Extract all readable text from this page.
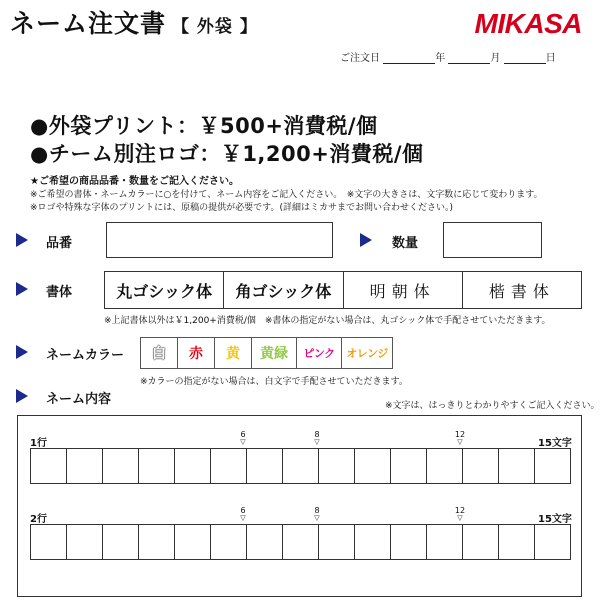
ネーム注文書 【 外袋 】	MIKASA
ご注文日	年	月	日
●外袋プリント：￥500+消費税/個
●チーム別注ロゴ：￥1,200+消費税/個
★ご希望の商品品番・数量をご記入ください。
※ご希望の書体・ネームカラーに○を付けて、ネーム内容をご記入ください。　※文字の大きさは、文字数に応じて変わります。
※ロゴや特殊な字体のプリントには、原稿の提供が必要です。(詳細はミカサまでお問い合わせください。)
品番	数量
書体	丸ゴシック体	角ゴシック体	明朝体	楷書体
※上記書体以外は￥1,200+消費税/個　※書体の指定がない場合は、丸ゴシック体で手配させていただきます。
ネームカラー	白	赤	黄	黄緑	ピンク	オレンジ
※カラーの指定がない場合は、白文字で手配させていただきます。
ネーム内容	※文字は、はっきりとわかりやすくご記入ください。
1行	15文字
6
▽
8
▽
12
▽
2行	15文字
6
▽
8
▽
12
▽
